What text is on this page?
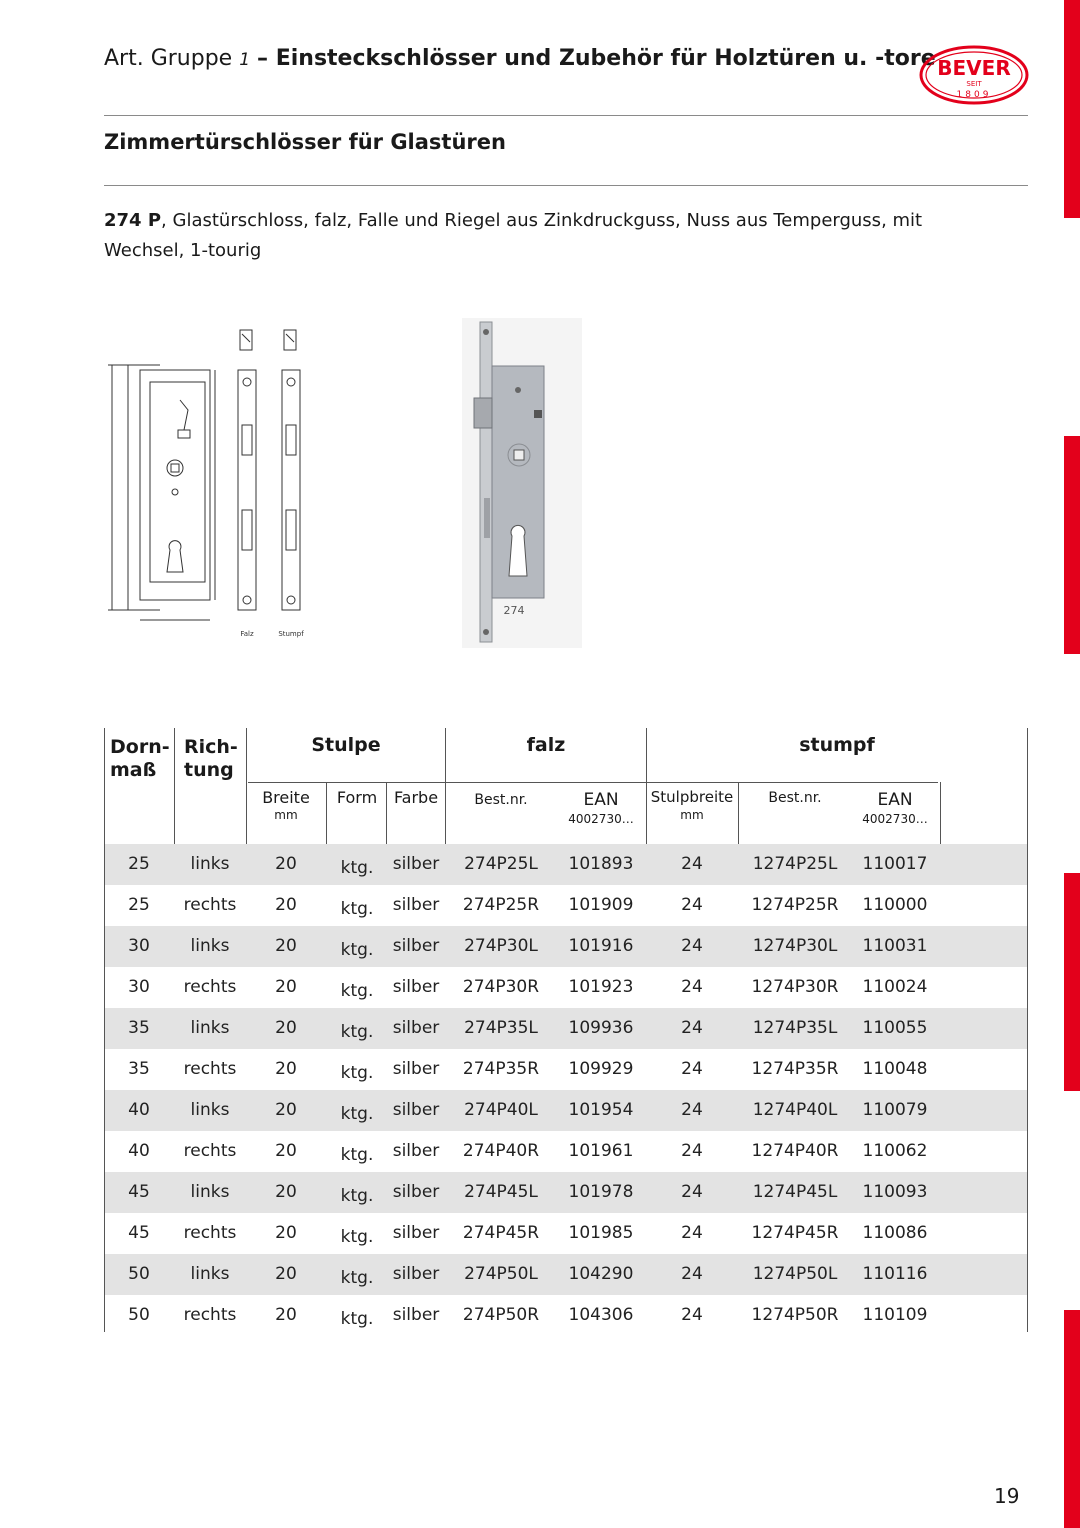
Art. Gruppe 1 – Einsteckschlösser und Zubehör für Holztüren u. -tore BEVER
SEIT
1809
Zimmertürschlösser für Glastüren
274 P, Glastürschloss, falz, Falle und Riegel aus Zinkdruckguss, Nuss aus Temperguss, mit Wechsel, 1-tourig
Falz	Stumpf
274
Dorn-
maß
Rich-
tung
Stulpe	falz	stumpf
Breite
mm
Form	Farbe	Best.nr.	EAN
4002730…
Stulpbreite
mm
Best.nr.	EAN
4002730…
25	links	20	ktg.	silber	274P25L	101893	24	1274P25L	110017
25	rechts	20	ktg.	silber	274P25R	101909	24	1274P25R	110000
30	links	20	ktg.	silber	274P30L	101916	24	1274P30L	110031
30	rechts	20	ktg.	silber	274P30R	101923	24	1274P30R	110024
35	links	20	ktg.	silber	274P35L	109936	24	1274P35L	110055
35	rechts	20	ktg.	silber	274P35R	109929	24	1274P35R	110048
40	links	20	ktg.	silber	274P40L	101954	24	1274P40L	110079
40	rechts	20	ktg.	silber	274P40R	101961	24	1274P40R	110062
45	links	20	ktg.	silber	274P45L	101978	24	1274P45L	110093
45	rechts	20	ktg.	silber	274P45R	101985	24	1274P45R	110086
50	links	20	ktg.	silber	274P50L	104290	24	1274P50L	110116
50	rechts	20	ktg.	silber	274P50R	104306	24	1274P50R	110109
19
